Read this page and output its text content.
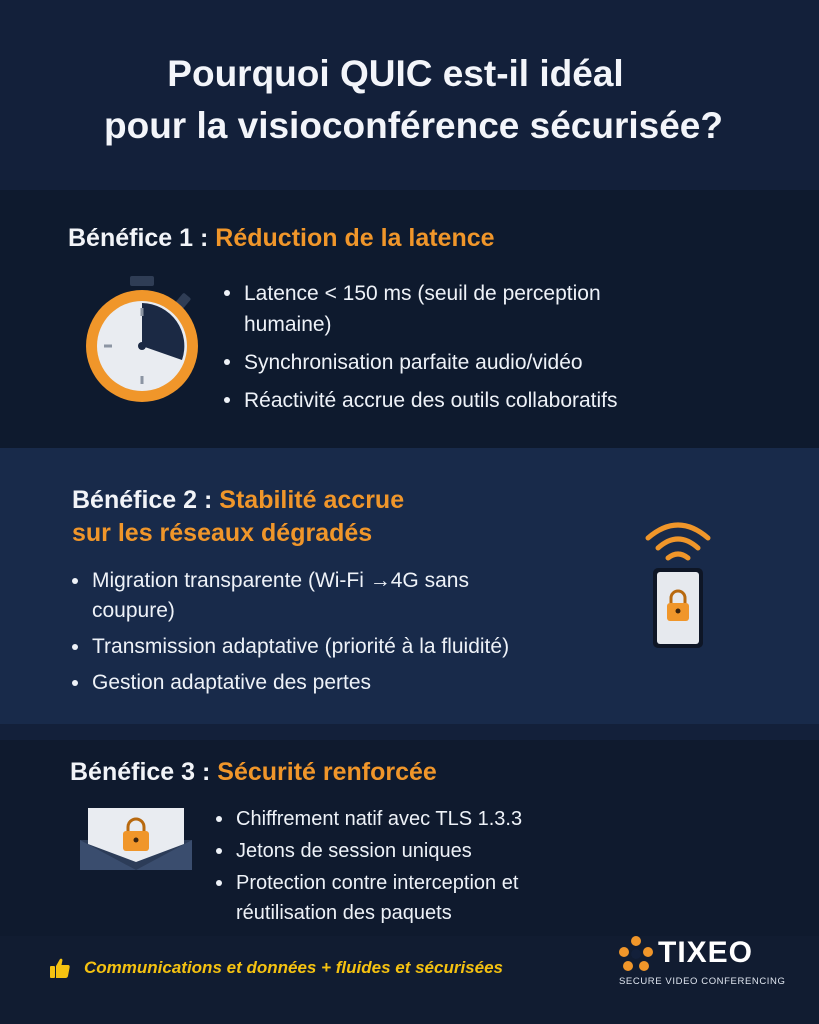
Pourquoi QUIC est-il idéal
pour la visioconférence sécurisée?
Bénéfice 1 : Réduction de la latence
Latence < 150 ms (seuil de perception humaine)
Synchronisation parfaite audio/vidéo
Réactivité accrue des outils collaboratifs
Bénéfice 2 : Stabilité accrue
sur les réseaux dégradés
Migration transparente (Wi-Fi →4G sans coupure)
Transmission adaptative (priorité à la fluidité)
Gestion adaptative des pertes
Bénéfice 3 : Sécurité renforcée
Chiffrement natif avec TLS 1.3.3
Jetons de session uniques
Protection contre interception et réutilisation des paquets
Communications et données + fluides et sécurisées	TIXEO
SECURE VIDEO CONFERENCING
